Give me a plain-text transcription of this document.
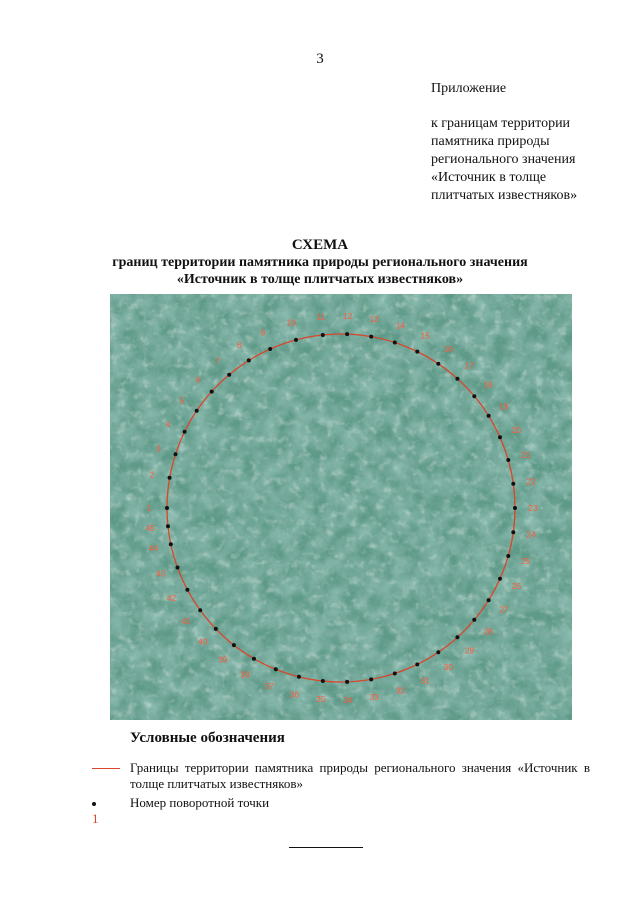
3
Приложение
к границам территории
памятника природы
регионального значения
«Источник в толще
плитчатых известняков»
СХЕМА
границ территории памятника природы регионального значения
«Источник в толще плитчатых известняков»
1
2
3
4
5
6
7
8
9
10
11 12 13
14
15
16
17
18
19
20
21
22
23
24
25
26
27
28
29
30
31
32
33
34
35
36
37
38
39
40
41
42
43
44
45
Условные обозначения
Границы территории памятника природы регионального значения «Источник в толще плитчатых известняков»
1
Номер поворотной точки
